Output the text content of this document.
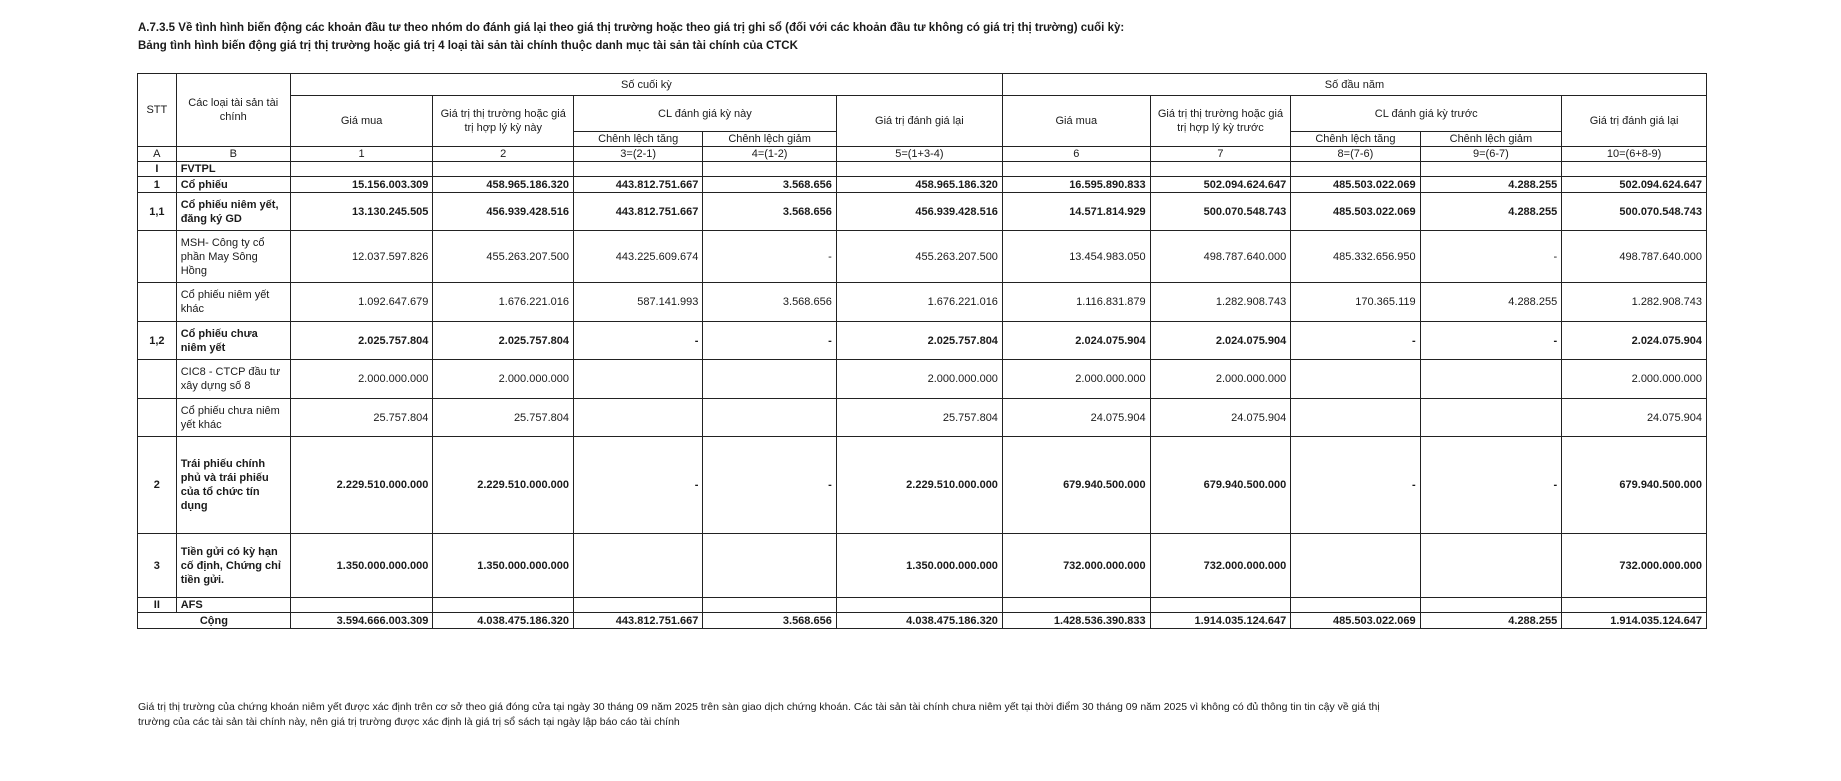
A.7.3.5 Về tình hình biến động các khoản đầu tư theo nhóm do đánh giá lại theo giá thị trường hoặc theo giá trị ghi sổ (đối với các khoản đầu tư không có giá trị thị trường) cuối kỳ:
Bảng tình hình biến động giá trị thị trường hoặc giá trị 4 loại tài sản tài chính thuộc danh mục tài sản tài chính của CTCK
STT	Các loại tài sản tài chính	Số cuối kỳ					Số đầu năm				
		Giá mua	Giá trị thị trường hoặc giá trị hợp lý kỳ này	CL đánh giá kỳ này		Giá trị đánh giá lại	Giá mua	Giá trị thị trường hoặc giá trị hợp lý kỳ trước	CL đánh giá kỳ trước		Giá trị đánh giá lại
				Chênh lệch tăng	Chênh lệch giảm				Chênh lệch tăng	Chênh lệch giảm	
A	B	1	2	3=(2-1)	4=(1-2)	5=(1+3-4)	6	7	8=(7-6)	9=(6-7)	10=(6+8-9)
I	FVTPL										
1	Cổ phiếu	15.156.003.309	458.965.186.320	443.812.751.667	3.568.656	458.965.186.320	16.595.890.833	502.094.624.647	485.503.022.069	4.288.255	502.094.624.647
1,1	Cổ phiếu niêm yết, đăng ký GD	13.130.245.505	456.939.428.516	443.812.751.667	3.568.656	456.939.428.516	14.571.814.929	500.070.548.743	485.503.022.069	4.288.255	500.070.548.743
	MSH- Công ty cổ phần May Sông Hồng	12.037.597.826	455.263.207.500	443.225.609.674	-	455.263.207.500	13.454.983.050	498.787.640.000	485.332.656.950	-	498.787.640.000
	Cổ phiếu niêm yết khác	1.092.647.679	1.676.221.016	587.141.993	3.568.656	1.676.221.016	1.116.831.879	1.282.908.743	170.365.119	4.288.255	1.282.908.743
1,2	Cổ phiếu chưa niêm yết	2.025.757.804	2.025.757.804	-	-	2.025.757.804	2.024.075.904	2.024.075.904	-	-	2.024.075.904
	CIC8 - CTCP đầu tư xây dựng số 8	2.000.000.000	2.000.000.000			2.000.000.000	2.000.000.000	2.000.000.000			2.000.000.000
	Cổ phiếu chưa niêm yết khác	25.757.804	25.757.804			25.757.804	24.075.904	24.075.904			24.075.904
2	Trái phiếu chính phủ và trái phiếu của tổ chức tín dụng	2.229.510.000.000	2.229.510.000.000	-	-	2.229.510.000.000	679.940.500.000	679.940.500.000	-	-	679.940.500.000
3	Tiền gửi có kỳ hạn cố định, Chứng chỉ tiền gửi.	1.350.000.000.000	1.350.000.000.000			1.350.000.000.000	732.000.000.000	732.000.000.000			732.000.000.000
II	AFS										
Cộng		3.594.666.003.309	4.038.475.186.320	443.812.751.667	3.568.656	4.038.475.186.320	1.428.536.390.833	1.914.035.124.647	485.503.022.069	4.288.255	1.914.035.124.647
Giá trị thị trường của chứng khoán niêm yết được xác định trên cơ sở theo giá đóng cửa tại ngày 30 tháng 09 năm 2025 trên sàn giao dịch chứng khoán. Các tài sản tài chính chưa niêm yết tại thời điểm 30 tháng 09 năm 2025 vì không có đủ thông tin tin cậy về giá thị
trường của các tài sản tài chính này, nên giá trị trường được xác định là giá trị sổ sách tại ngày lập báo cáo tài chính
